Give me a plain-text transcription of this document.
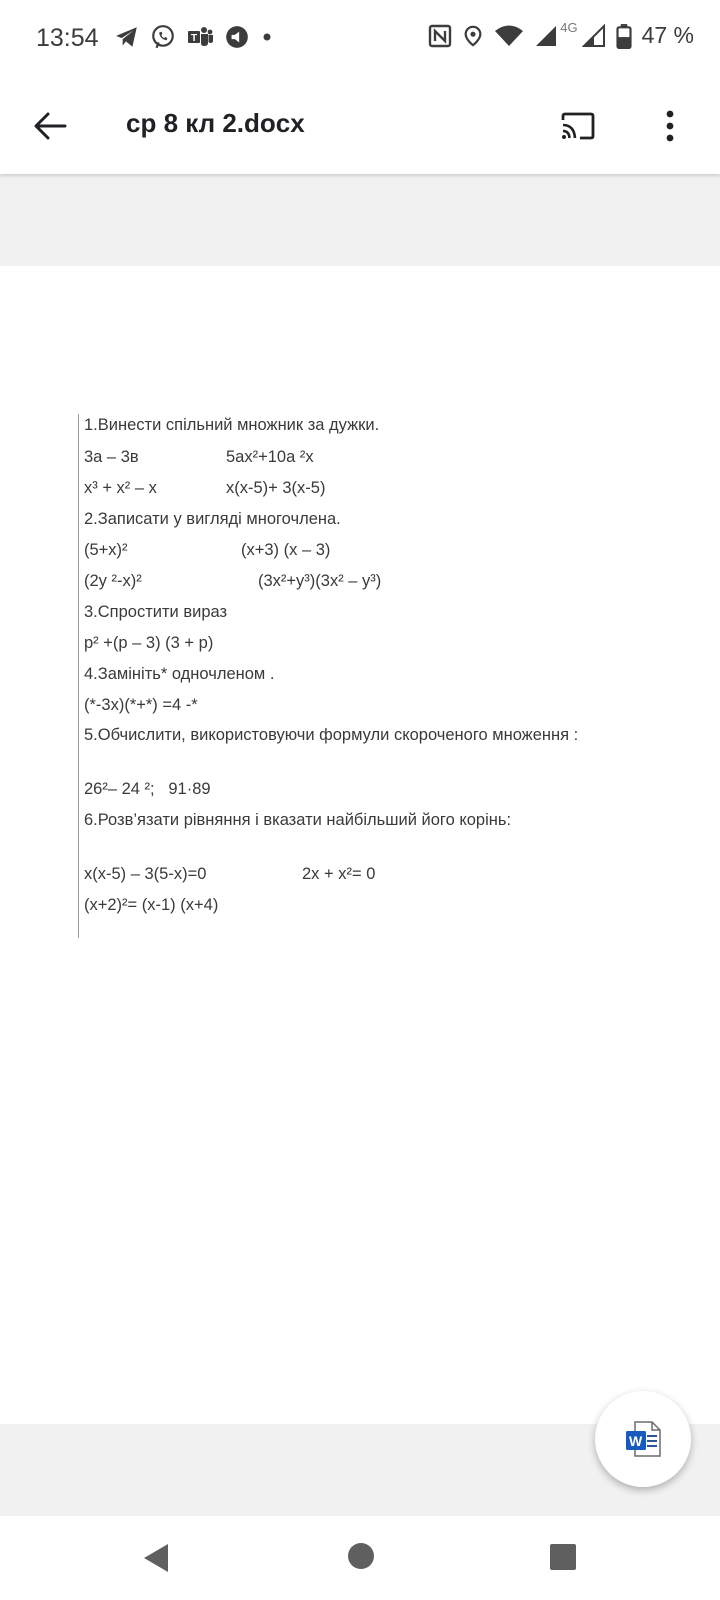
13:54	T
4G	47 %
ср 8 кл 2.docx
1.Винести спільний множник за дужки.
3а – 3в	5ах²+10а ²х
х³ + х² – х	х(х-5)+ 3(х-5)
2.Записати у вигляді многочлена.
(5+х)²	(х+3) (х – 3)
(2у ²-х)²	(3х²+у³)(3х² – у³)
3.Спростити вираз
р² +(р – 3) (3 + р)
4.Замініть* одночленом .
(*-3х)(*+*) =4 -*
5.Обчислити, використовуючи формули скороченого множення :
26²– 24 ²;   91·89
6.Розв’язати рівняння і вказати найбільший його корінь:
х(х-5) – 3(5-х)=0	2х + х²= 0
(х+2)²= (х-1) (х+4)
W
